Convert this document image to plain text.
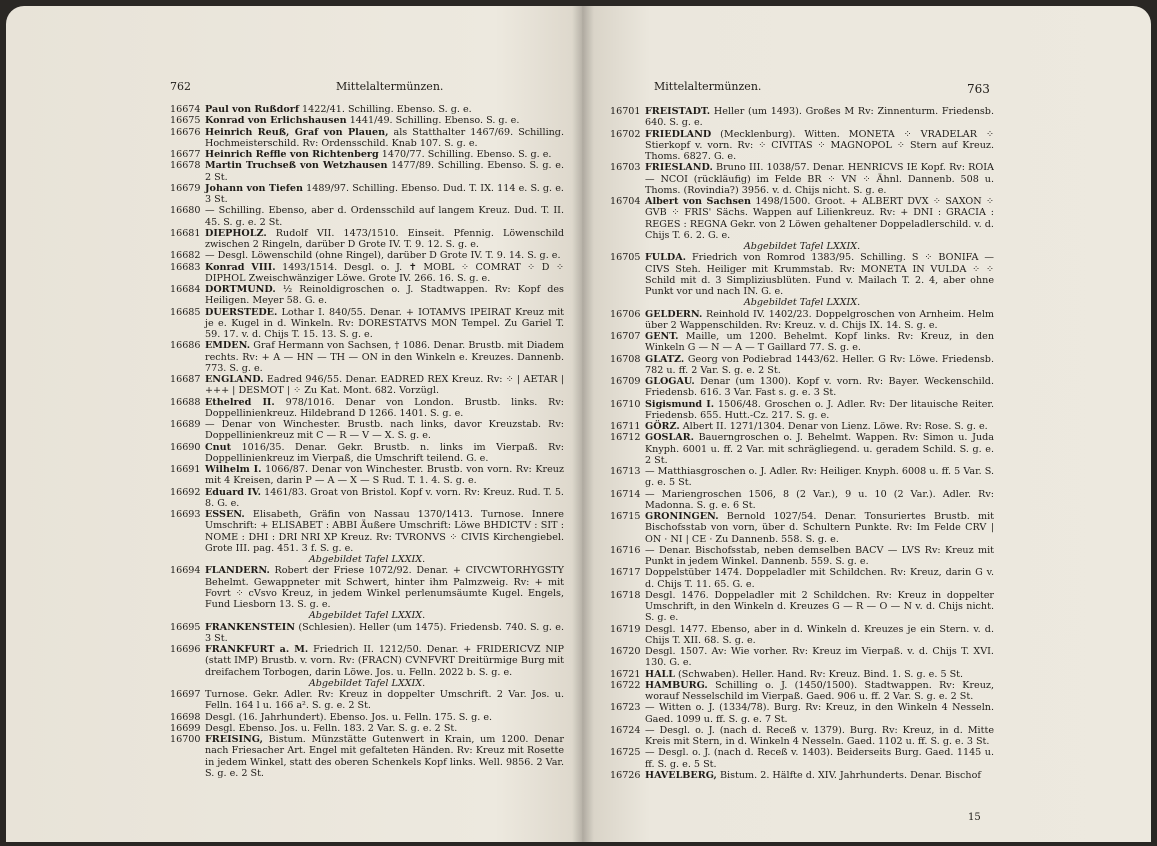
762	Mittelaltermünzen.
16674 Paul von Rußdorf 1422/41. Schilling. Ebenso. S. g. e.
16675 Konrad von Erlichshausen 1441/49. Schilling. Ebenso. S. g. e.
16676 Heinrich Reuß, Graf von Plauen, als Statthalter 1467/69. Schilling. Hochmeisterschild. Rv: Ordensschild. Knab 107. S. g. e.
16677 Heinrich Reffle von Richtenberg 1470/77. Schilling. Ebenso. S. g. e.
16678 Martin Truchseß von Wetzhausen 1477/89. Schilling. Ebenso. S. g. e. 2 St.
16679 Johann von Tiefen 1489/97. Schilling. Ebenso. Dud. T. IX. 114 e. S. g. e. 3 St.
16680 — Schilling. Ebenso, aber d. Ordensschild auf langem Kreuz. Dud. T. II. 45. S. g. e. 2 St.
16681 DIEPHOLZ. Rudolf VII. 1473/1510. Einseit. Pfennig. Löwenschild zwischen 2 Ringeln, darüber D Grote IV. T. 9. 12. S. g. e.
16682 — Desgl. Löwenschild (ohne Ringel), darüber D Grote IV. T. 9. 14. S. g. e.
16683 Konrad VIII. 1493/1514. Desgl. o. J. ✝ MOBL ⁘ COMRAT ⁘ D ⁘ DIPHOL Zweischwänziger Löwe. Grote IV. 266. 16. S. g. e.
16684 DORTMUND. ½ Reinoldigroschen o. J. Stadtwappen. Rv: Kopf des Heiligen. Meyer 58. G. e.
16685 DUERSTEDE. Lothar I. 840/55. Denar. + IOTAMVS IPEIRAT Kreuz mit je e. Kugel in d. Winkeln. Rv: DORESTATVS MON Tempel. Zu Gariel T. 59. 17. v. d. Chijs T. 15. 13. S. g. e.
16686 EMDEN. Graf Hermann von Sachsen, † 1086. Denar. Brustb. mit Diadem rechts. Rv: + A — HN — TH — ON in den Winkeln e. Kreuzes. Dannenb. 773. S. g. e.
16687 ENGLAND. Eadred 946/55. Denar. EADRED REX Kreuz. Rv: ⁘ | AETAR | +++ | DESMOT | ⁘ Zu Kat. Mont. 682. Vorzügl.
16688 Ethelred II. 978/1016. Denar von London. Brustb. links. Rv: Doppellinienkreuz. Hildebrand D 1266. 1401. S. g. e.
16689 — Denar von Winchester. Brustb. nach links, davor Kreuzstab. Rv: Doppellinienkreuz mit C — R — V — X. S. g. e.
16690 Cnut 1016/35. Denar. Gekr. Brustb. n. links im Vierpaß. Rv: Doppellinienkreuz im Vierpaß, die Umschrift teilend. G. e.
16691 Wilhelm I. 1066/87. Denar von Winchester. Brustb. von vorn. Rv: Kreuz mit 4 Kreisen, darin P — A — X — S Rud. T. 1. 4. S. g. e.
16692 Eduard IV. 1461/83. Groat von Bristol. Kopf v. vorn. Rv: Kreuz. Rud. T. 5. 8. G. e.
16693 ESSEN. Elisabeth, Gräfin von Nassau 1370/1413. Turnose. Innere Umschrift: + ELISABET : ABBI Äußere Umschrift: Löwe BHDICTV : SIT : NOME : DHI : DRI NRI XP Kreuz. Rv: TVRONVS ⁘ CIVIS Kirchengiebel. Grote III. pag. 451. 3 f. S. g. e.
Abgebildet Tafel LXXIX.
16694 FLANDERN. Robert der Friese 1072/92. Denar. + CIVCWTORHYGSTY Behelmt. Gewappneter mit Schwert, hinter ihm Palmzweig. Rv: + mit Fovrt ⁘ cVsvo Kreuz, in jedem Winkel perlenumsäumte Kugel. Engels, Fund Liesborn 13. S. g. e.
Abgebildet Tafel LXXIX.
16695 FRANKENSTEIN (Schlesien). Heller (um 1475). Friedensb. 740. S. g. e. 3 St.
16696 FRANKFURT a. M. Friedrich II. 1212/50. Denar. + FRIDERICVZ NIP (statt IMP) Brustb. v. vorn. Rv: (FRACN) CVNFVRT Dreitürmige Burg mit dreifachem Torbogen, darin Löwe. Jos. u. Felln. 2022 b. S. g. e.
Abgebildet Tafel LXXIX.
16697 Turnose. Gekr. Adler. Rv: Kreuz in doppelter Umschrift. 2 Var. Jos. u. Felln. 164 l u. 166 a². S. g. e. 2 St.
16698 Desgl. (16. Jahrhundert). Ebenso. Jos. u. Felln. 175. S. g. e.
16699 Desgl. Ebenso. Jos. u. Felln. 183. 2 Var. S. g. e. 2 St.
16700 FREISING, Bistum. Münzstätte Gutenwert in Krain, um 1200. Denar nach Friesacher Art. Engel mit gefalteten Händen. Rv: Kreuz mit Rosette in jedem Winkel, statt des oberen Schenkels Kopf links. Well. 9856. 2 Var. S. g. e. 2 St.
Mittelaltermünzen.	763
16701 FREISTADT. Heller (um 1493). Großes M Rv: Zinnenturm. Friedensb. 640. S. g. e.
16702 FRIEDLAND (Mecklenburg). Witten. MONETA ⁘ VRADELAR ⁘ Stierkopf v. vorn. Rv: ⁘ CIVITAS ⁘ MAGNOPOL ⁘ Stern auf Kreuz. Thoms. 6827. G. e.
16703 FRIESLAND. Bruno III. 1038/57. Denar. HENRICVS IE Kopf. Rv: ROIA — NCOI (rückläufig) im Felde BR ⁘ VN ⁘ Ähnl. Dannenb. 508 u. Thoms. (Rovindia?) 3956. v. d. Chijs nicht. S. g. e.
16704 Albert von Sachsen 1498/1500. Groot. + ALBERT DVX ⁘ SAXON ⁘ GVB ⁘ FRIS' Sächs. Wappen auf Lilienkreuz. Rv: + DNI : GRACIA : REGES : REGNA Gekr. von 2 Löwen gehaltener Doppeladlerschild. v. d. Chijs T. 6. 2. G. e.
Abgebildet Tafel LXXIX.
16705 FULDA. Friedrich von Romrod 1383/95. Schilling. S ⁘ BONIFA — CIVS Steh. Heiliger mit Krummstab. Rv: MONETA IN VULDA ⁘ ⁘ Schild mit d. 3 Simpliziusblüten. Fund v. Mailach T. 2. 4, aber ohne Punkt vor und nach IN. G. e.
Abgebildet Tafel LXXIX.
16706 GELDERN. Reinhold IV. 1402/23. Doppelgroschen von Arnheim. Helm über 2 Wappenschilden. Rv: Kreuz. v. d. Chijs IX. 14. S. g. e.
16707 GENT. Maille, um 1200. Behelmt. Kopf links. Rv: Kreuz, in den Winkeln G — N — A — T Gaillard 77. S. g. e.
16708 GLATZ. Georg von Podiebrad 1443/62. Heller. G Rv: Löwe. Friedensb. 782 u. ff. 2 Var. S. g. e. 2 St.
16709 GLOGAU. Denar (um 1300). Kopf v. vorn. Rv: Bayer. Weckenschild. Friedensb. 616. 3 Var. Fast s. g. e. 3 St.
16710 Sigismund I. 1506/48. Groschen o. J. Adler. Rv: Der litauische Reiter. Friedensb. 655. Hutt.-Cz. 217. S. g. e.
16711 GÖRZ. Albert II. 1271/1304. Denar von Lienz. Löwe. Rv: Rose. S. g. e.
16712 GOSLAR. Bauerngroschen o. J. Behelmt. Wappen. Rv: Simon u. Juda Knyph. 6001 u. ff. 2 Var. mit schrägliegend. u. geradem Schild. S. g. e. 2 St.
16713 — Matthiasgroschen o. J. Adler. Rv: Heiliger. Knyph. 6008 u. ff. 5 Var. S. g. e. 5 St.
16714 — Mariengroschen 1506, 8 (2 Var.), 9 u. 10 (2 Var.). Adler. Rv: Madonna. S. g. e. 6 St.
16715 GRONINGEN. Bernold 1027/54. Denar. Tonsuriertes Brustb. mit Bischofsstab von vorn, über d. Schultern Punkte. Rv: Im Felde CRV | ON · NI | CE · Zu Dannenb. 558. S. g. e.
16716 — Denar. Bischofsstab, neben demselben BACV — LVS Rv: Kreuz mit Punkt in jedem Winkel. Dannenb. 559. S. g. e.
16717 Doppelstüber 1474. Doppeladler mit Schildchen. Rv: Kreuz, darin G v. d. Chijs T. 11. 65. G. e.
16718 Desgl. 1476. Doppeladler mit 2 Schildchen. Rv: Kreuz in doppelter Umschrift, in den Winkeln d. Kreuzes G — R — O — N v. d. Chijs nicht. S. g. e.
16719 Desgl. 1477. Ebenso, aber in d. Winkeln d. Kreuzes je ein Stern. v. d. Chijs T. XII. 68. S. g. e.
16720 Desgl. 1507. Av: Wie vorher. Rv: Kreuz im Vierpaß. v. d. Chijs T. XVI. 130. G. e.
16721 HALL (Schwaben). Heller. Hand. Rv: Kreuz. Bind. 1. S. g. e. 5 St.
16722 HAMBURG. Schilling o. J. (1450/1500). Stadtwappen. Rv: Kreuz, worauf Nesselschild im Vierpaß. Gaed. 906 u. ff. 2 Var. S. g. e. 2 St.
16723 — Witten o. J. (1334/78). Burg. Rv: Kreuz, in den Winkeln 4 Nesseln. Gaed. 1099 u. ff. S. g. e. 7 St.
16724 — Desgl. o. J. (nach d. Receß v. 1379). Burg. Rv: Kreuz, in d. Mitte Kreis mit Stern, in d. Winkeln 4 Nesseln. Gaed. 1102 u. ff. S. g. e. 3 St.
16725 — Desgl. o. J. (nach d. Receß v. 1403). Beiderseits Burg. Gaed. 1145 u. ff. S. g. e. 5 St.
16726 HAVELBERG, Bistum. 2. Hälfte d. XIV. Jahrhunderts. Denar. Bischof
15
